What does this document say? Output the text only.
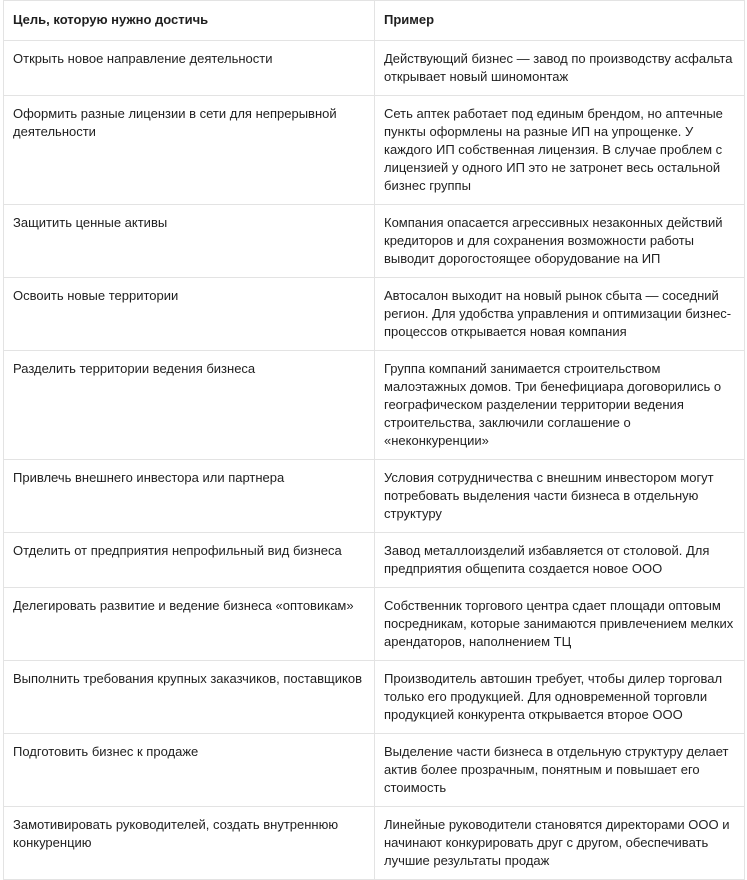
Цель, которую нужно достичь	Пример
Открыть новое направление деятельности	Действующий бизнес — завод по производству асфальта открывает новый шиномонтаж
Оформить разные лицензии в сети для непрерывной деятельности	Сеть аптек работает под единым брендом, но аптечные пункты оформлены на разные ИП на упрощенке. У каждого ИП собственная лицензия. В случае проблем с лицензией у одного ИП это не затронет весь остальной бизнес группы
Защитить ценные активы	Компания опасается агрессивных незаконных действий кредиторов и для сохранения возможности работы выводит дорогостоящее оборудование на ИП
Освоить новые территории	Автосалон выходит на новый рынок сбыта — соседний регион. Для удобства управления и оптимизации бизнес-процессов открывается новая компания
Разделить территории ведения бизнеса	Группа компаний занимается строительством малоэтажных домов. Три бенефициара договорились о географическом разделении территории ведения строительства, заключили соглашение о «неконкуренции»
Привлечь внешнего инвестора или партнера	Условия сотрудничества с внешним инвестором могут потребовать выделения части бизнеса в отдельную структуру
Отделить от предприятия непрофильный вид бизнеса	Завод металлоизделий избавляется от столовой. Для предприятия общепита создается новое ООО
Делегировать развитие и ведение бизнеса «оптовикам»	Собственник торгового центра сдает площади оптовым посредникам, которые занимаются привлечением мелких арендаторов, наполнением ТЦ
Выполнить требования крупных заказчиков, поставщиков	Производитель автошин требует, чтобы дилер торговал только его продукцией. Для одновременной торговли продукцией конкурента открывается второе ООО
Подготовить бизнес к продаже	Выделение части бизнеса в отдельную структуру делает актив более прозрачным, понятным и повышает его стоимость
Замотивировать руководителей, создать внутреннюю конкуренцию	Линейные руководители становятся директорами ООО и начинают конкурировать друг с другом, обеспечивать лучшие результаты продаж
